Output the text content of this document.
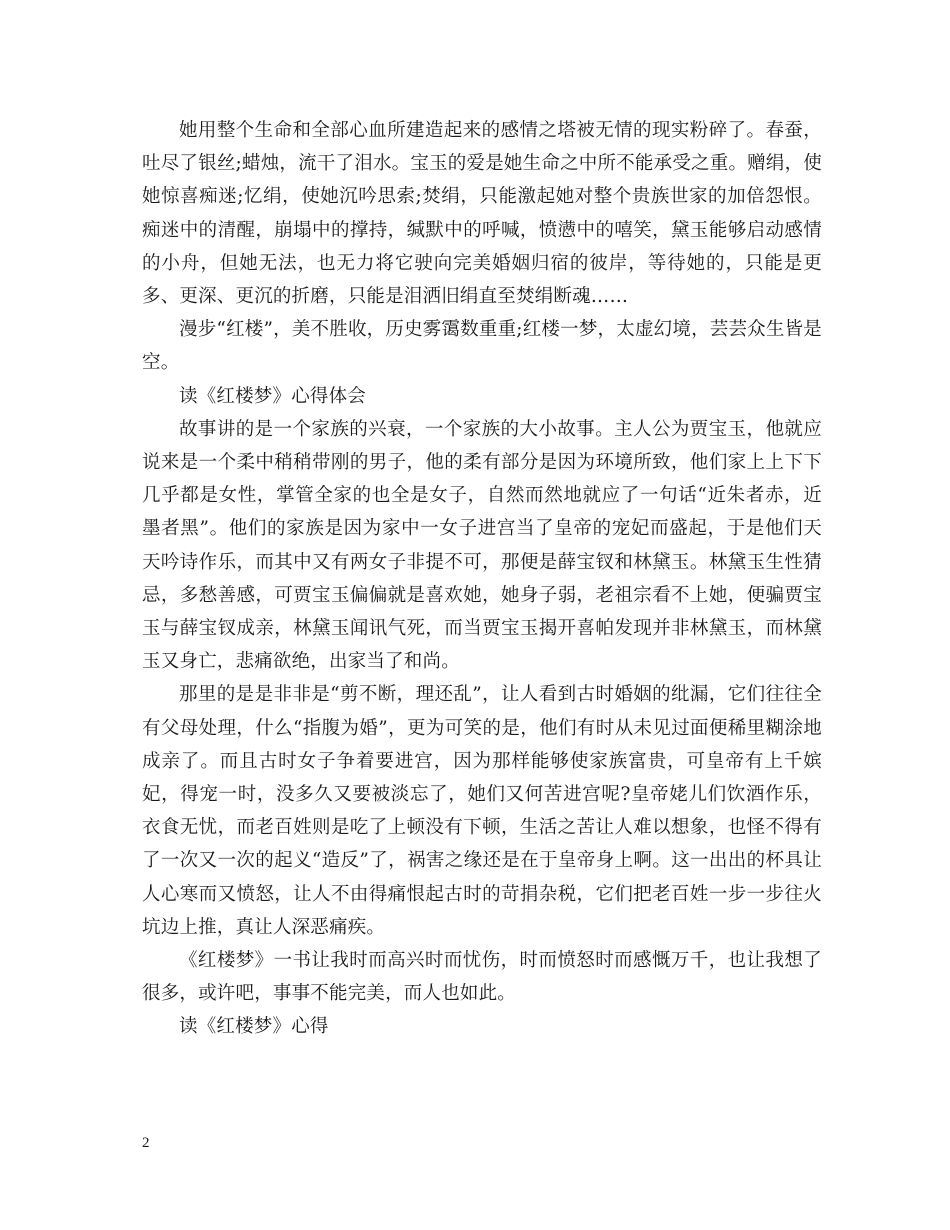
她用整个生命和全部心血所建造起来的感情之塔被无情的现实粉碎了。春蚕，吐尽了银丝;蜡烛，流干了泪水。宝玉的爱是她生命之中所不能承受之重。赠绢，使她惊喜痴迷;忆绢，使她沉吟思索;焚绢，只能激起她对整个贵族世家的加倍怨恨。痴迷中的清醒，崩塌中的撑持，缄默中的呼喊，愤懑中的嘻笑，黛玉能够启动感情的小舟，但她无法，也无力将它驶向完美婚姻归宿的彼岸，等待她的，只能是更多、更深、更沉的折磨，只能是泪洒旧绢直至焚绢断魂……

漫步“红楼”，美不胜收，历史雾霭数重重;红楼一梦，太虚幻境，芸芸众生皆是空。

读《红楼梦》心得体会

故事讲的是一个家族的兴衰，一个家族的大小故事。主人公为贾宝玉，他就应说来是一个柔中稍稍带刚的男子，他的柔有部分是因为环境所致，他们家上上下下几乎都是女性，掌管全家的也全是女子，自然而然地就应了一句话“近朱者赤，近墨者黑”。他们的家族是因为家中一女子进宫当了皇帝的宠妃而盛起，于是他们天天吟诗作乐，而其中又有两女子非提不可，那便是薛宝钗和林黛玉。林黛玉生性猜忌，多愁善感，可贾宝玉偏偏就是喜欢她，她身子弱，老祖宗看不上她，便骗贾宝玉与薛宝钗成亲，林黛玉闻讯气死，而当贾宝玉揭开喜帕发现并非林黛玉，而林黛玉又身亡，悲痛欲绝，出家当了和尚。

那里的是是非非是“剪不断，理还乱”，让人看到古时婚姻的纰漏，它们往往全有父母处理，什么“指腹为婚”，更为可笑的是，他们有时从未见过面便稀里糊涂地成亲了。而且古时女子争着要进宫，因为那样能够使家族富贵，可皇帝有上千嫔妃，得宠一时，没多久又要被淡忘了，她们又何苦进宫呢?皇帝姥儿们饮酒作乐，衣食无忧，而老百姓则是吃了上顿没有下顿，生活之苦让人难以想象，也怪不得有了一次又一次的起义“造反”了，祸害之缘还是在于皇帝身上啊。这一出出的杯具让人心寒而又愤怒，让人不由得痛恨起古时的苛捐杂税，它们把老百姓一步一步往火坑边上推，真让人深恶痛疾。

《红楼梦》一书让我时而高兴时而忧伤，时而愤怒时而感慨万千，也让我想了很多，或许吧，事事不能完美，而人也如此。

读《红楼梦》心得

2
